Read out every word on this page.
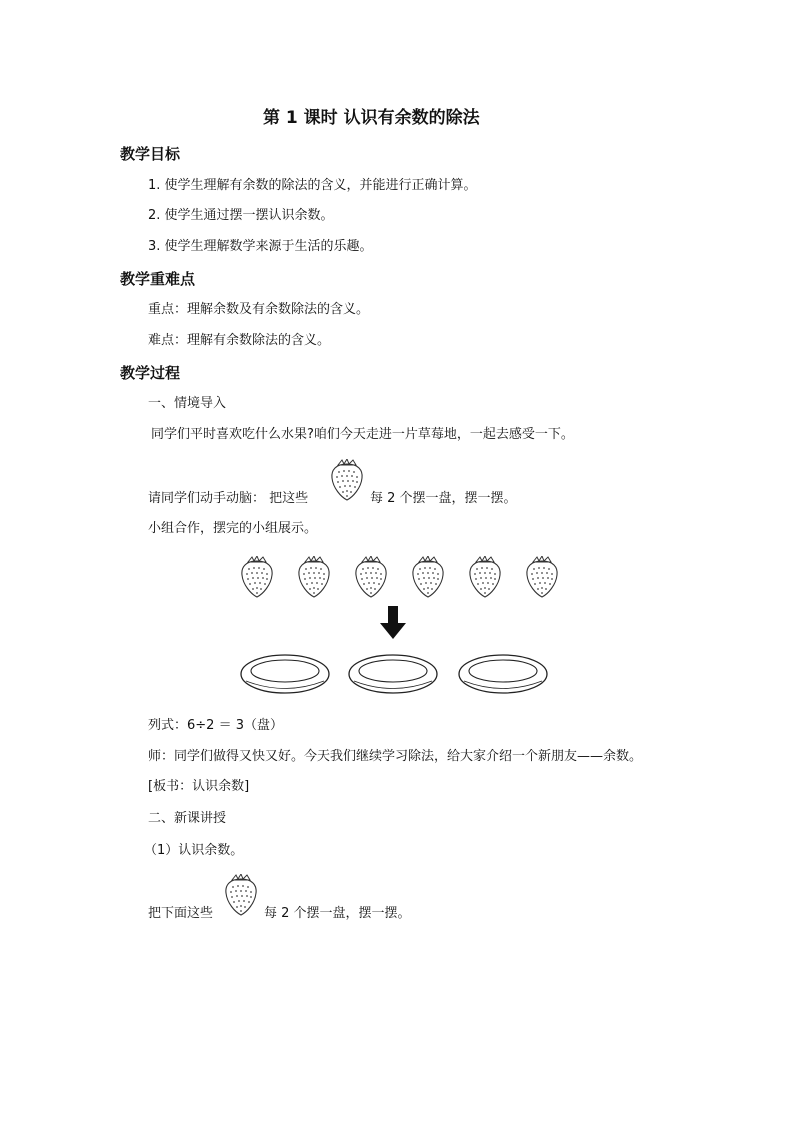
第 1 课时 认识有余数的除法
教学目标
1. 使学生理解有余数的除法的含义，并能进行正确计算。
2. 使学生通过摆一摆认识余数。
3. 使学生理解数学来源于生活的乐趣。
教学重难点
重点：理解余数及有余数除法的含义。
难点：理解有余数除法的含义。
教学过程
一、情境导入
同学们平时喜欢吃什么水果?咱们今天走进一片草莓地，一起去感受一下。
请同学们动手动脑： 把这些	每 2 个摆一盘，摆一摆。
小组合作，摆完的小组展示。
列式：6÷2 ＝ 3（盘）
师：同学们做得又快又好。今天我们继续学习除法，给大家介绍一个新朋友——余数。
[板书：认识余数]
二、新课讲授
（1）认识余数。
把下面这些	每 2 个摆一盘，摆一摆。
